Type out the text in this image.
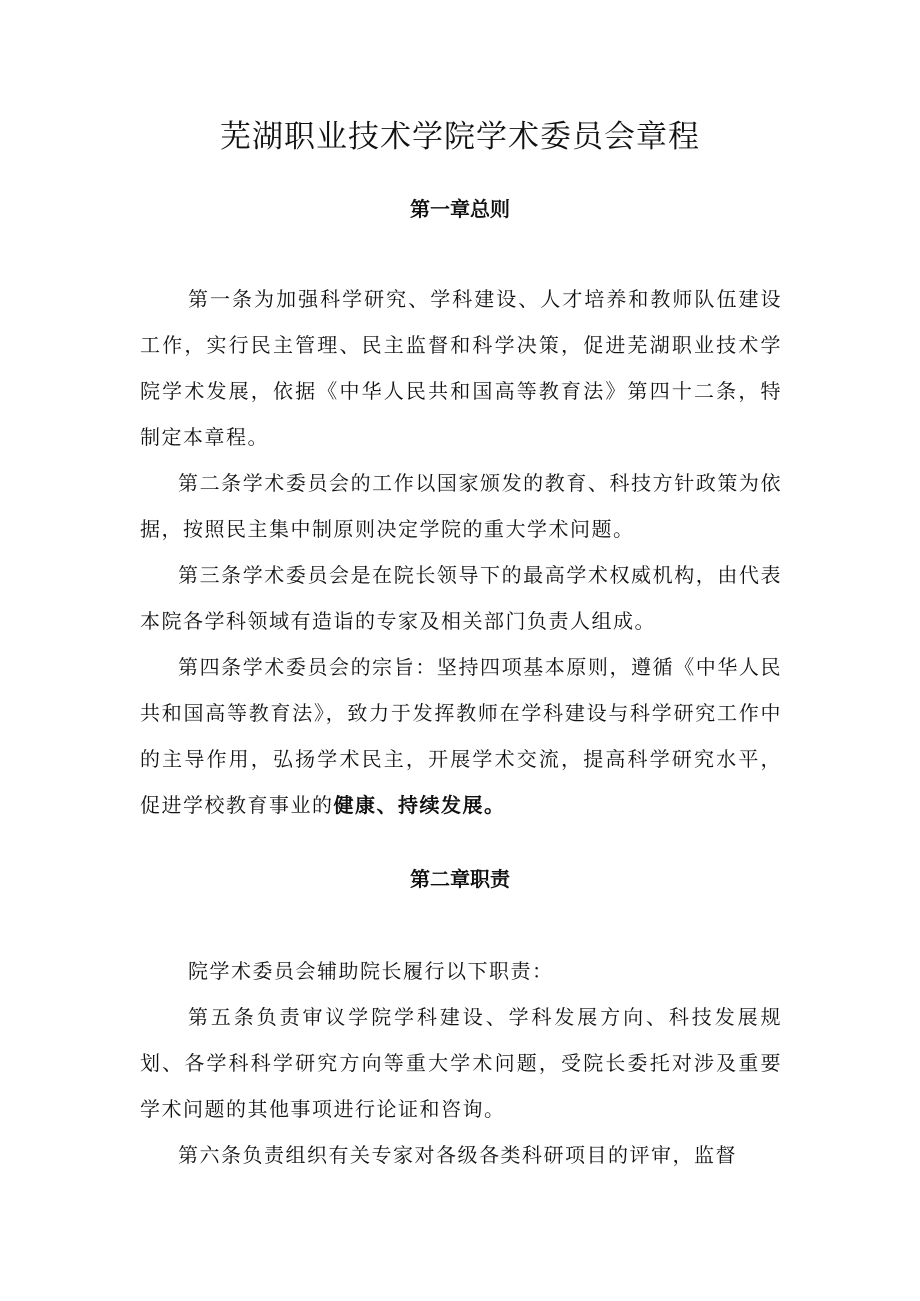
芜湖职业技术学院学术委员会章程
第一章总则

第一条为加强科学研究、学科建设、人才培养和教师队伍建设工作，实行民主管理、民主监督和科学决策，促进芜湖职业技术学院学术发展，依据《中华人民共和国高等教育法》第四十二条，特制定本章程。

第二条学术委员会的工作以国家颁发的教育、科技方针政策为依据，按照民主集中制原则决定学院的重大学术问题。

第三条学术委员会是在院长领导下的最高学术权威机构，由代表本院各学科领域有造诣的专家及相关部门负责人组成。

第四条学术委员会的宗旨：坚持四项基本原则，遵循《中华人民共和国高等教育法》，致力于发挥教师在学科建设与科学研究工作中的主导作用，弘扬学术民主，开展学术交流，提高科学研究水平，促进学校教育事业的健康、持续发展。

第二章职责

院学术委员会辅助院长履行以下职责：

第五条负责审议学院学科建设、学科发展方向、科技发展规划、各学科科学研究方向等重大学术问题，受院长委托对涉及重要学术问题的其他事项进行论证和咨询。

第六条负责组织有关专家对各级各类科研项目的评审，监督
